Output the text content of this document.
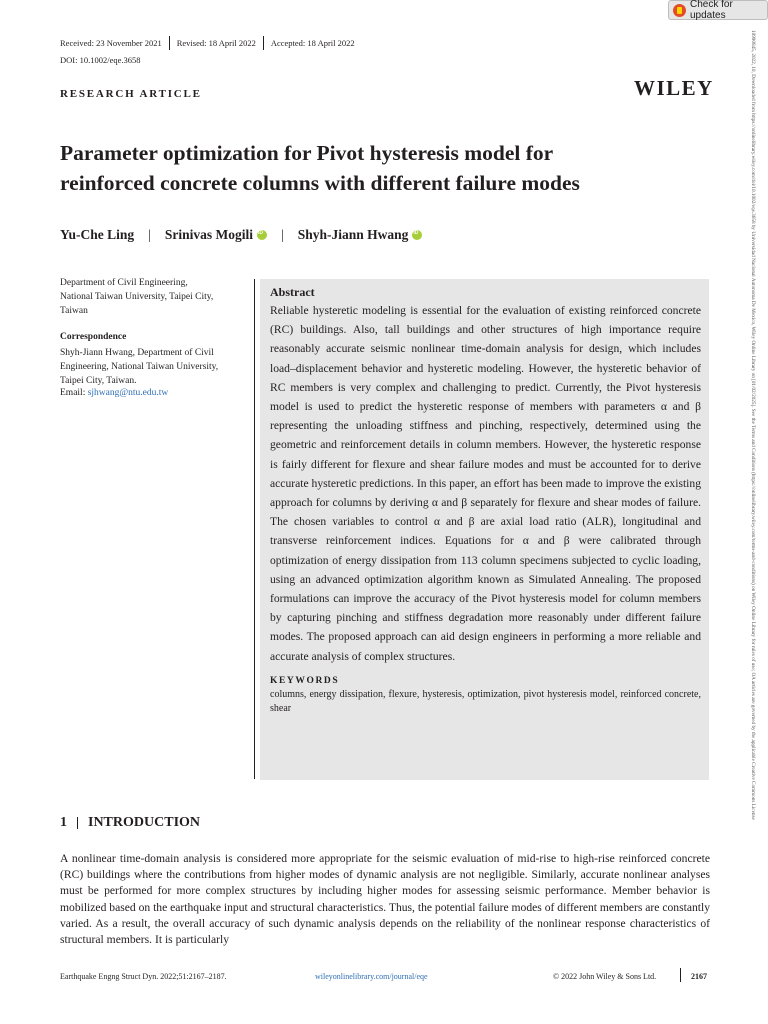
Check for updates
10990845, 2022, 10, Downloaded from https://onlinelibrary.wiley.com/doi/10.1002/eqe.3658 by Universidad Nacional Autonoma De Mexico, Wiley Online Library on [01/02/2025]. See the Terms and Conditions (https://onlinelibrary.wiley.com/terms-and-conditions) on Wiley Online Library for rules of use; OA articles are governed by the applicable Creative Commons License
Received: 23 November 2021	Revised: 18 April 2022	Accepted: 18 April 2022
DOI: 10.1002/eqe.3658
RESEARCH ARTICLE	WILEY
Parameter optimization for Pivot hysteresis model for
reinforced concrete columns with different failure modes
Yu-Che Ling | Srinivas Mogili
iD | Shyh-Jiann Hwang
iD
Department of Civil Engineering,
National Taiwan University, Taipei City,
Taiwan
Correspondence
Shyh-Jiann Hwang, Department of Civil
Engineering, National Taiwan University,
Taipei City, Taiwan.
Email: sjhwang@ntu.edu.tw
Abstract
Reliable hysteretic modeling is essential for the evaluation of existing reinforced concrete (RC) buildings. Also, tall buildings and other structures of high importance require reasonably accurate seismic nonlinear time-domain analysis for design, which includes load–displacement behavior and hysteretic modeling. However, the hysteretic behavior of RC members is very complex and challenging to predict. Currently, the Pivot hysteresis model is used to predict the hysteretic response of members with parameters α and β representing the unloading stiffness and pinching, respectively, determined using the geometric and reinforcement details in column members. However, the hysteretic response is fairly different for flexure and shear failure modes and must be accounted for to derive accurate hysteretic predictions. In this paper, an effort has been made to improve the existing approach for columns by deriving α and β separately for flexure and shear modes of failure. The chosen variables to control α and β are axial load ratio (ALR), longitudinal and transverse reinforcement indices. Equations for α and β were calibrated through optimization of energy dissipation from 113 column specimens subjected to cyclic loading, using an advanced optimization algorithm known as Simulated Annealing. The proposed formulations can improve the accuracy of the Pivot hysteresis model for column members by capturing pinching and stiffness degradation more reasonably under different failure modes. The proposed approach can aid design engineers in performing a more reliable and accurate analysis of complex structures.
KEYWORDS
columns, energy dissipation, flexure, hysteresis, optimization, pivot hysteresis model, reinforced concrete, shear
1 INTRODUCTION
A nonlinear time-domain analysis is considered more appropriate for the seismic evaluation of mid-rise to high-rise reinforced concrete (RC) buildings where the contributions from higher modes of dynamic analysis are not negligible. Similarly, accurate nonlinear analyses must be performed for more complex structures by including higher modes for assessing seismic performance. Member behavior is mobilized based on the earthquake input and structural characteristics. Thus, the potential failure modes of different members are constantly varied. As a result, the overall accuracy of such dynamic analysis depends on the reliability of the nonlinear response characteristics of structural members. It is particularly
Earthquake Engng Struct Dyn. 2022;51:2167–2187.	wileyonlinelibrary.com/journal/eqe	© 2022 John Wiley & Sons Ltd.	2167
